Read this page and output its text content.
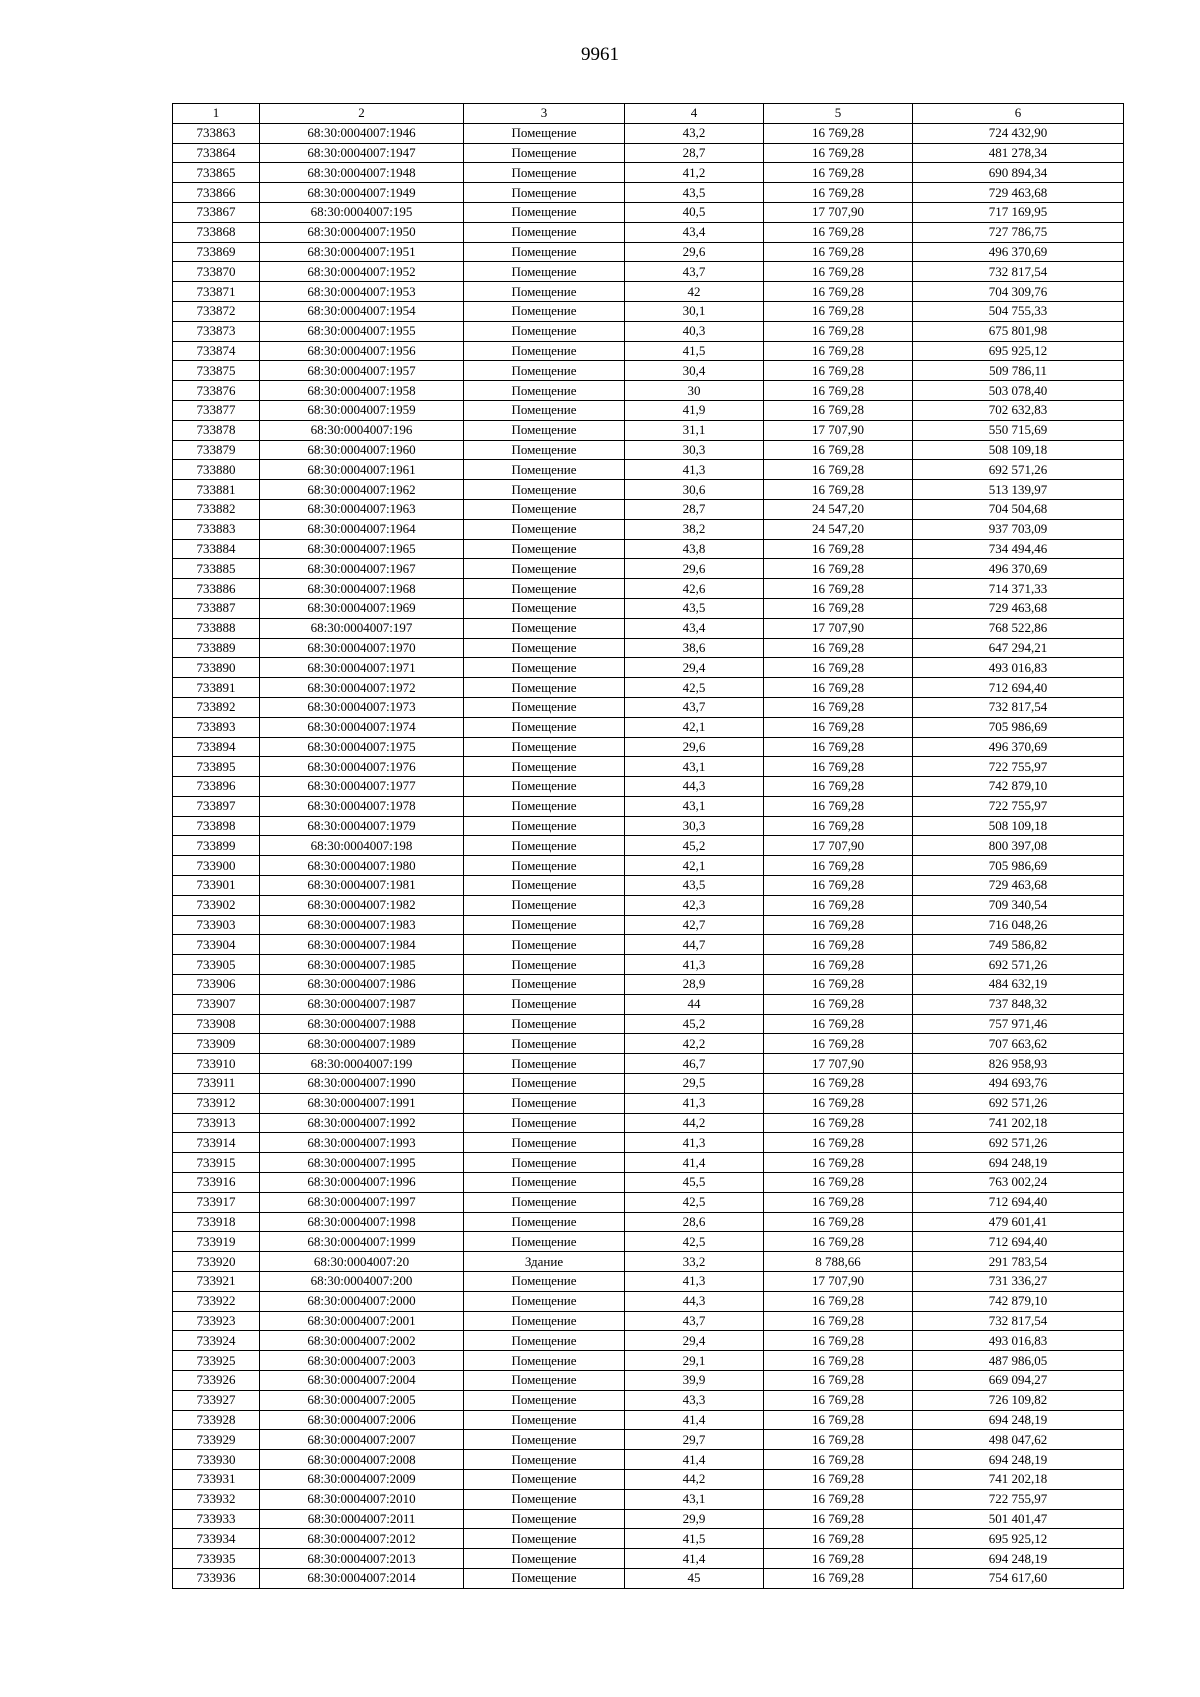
9961
1	2	3	4	5	6
733863	68:30:0004007:1946	Помещение	43,2	16 769,28	724 432,90
733864	68:30:0004007:1947	Помещение	28,7	16 769,28	481 278,34
733865	68:30:0004007:1948	Помещение	41,2	16 769,28	690 894,34
733866	68:30:0004007:1949	Помещение	43,5	16 769,28	729 463,68
733867	68:30:0004007:195	Помещение	40,5	17 707,90	717 169,95
733868	68:30:0004007:1950	Помещение	43,4	16 769,28	727 786,75
733869	68:30:0004007:1951	Помещение	29,6	16 769,28	496 370,69
733870	68:30:0004007:1952	Помещение	43,7	16 769,28	732 817,54
733871	68:30:0004007:1953	Помещение	42	16 769,28	704 309,76
733872	68:30:0004007:1954	Помещение	30,1	16 769,28	504 755,33
733873	68:30:0004007:1955	Помещение	40,3	16 769,28	675 801,98
733874	68:30:0004007:1956	Помещение	41,5	16 769,28	695 925,12
733875	68:30:0004007:1957	Помещение	30,4	16 769,28	509 786,11
733876	68:30:0004007:1958	Помещение	30	16 769,28	503 078,40
733877	68:30:0004007:1959	Помещение	41,9	16 769,28	702 632,83
733878	68:30:0004007:196	Помещение	31,1	17 707,90	550 715,69
733879	68:30:0004007:1960	Помещение	30,3	16 769,28	508 109,18
733880	68:30:0004007:1961	Помещение	41,3	16 769,28	692 571,26
733881	68:30:0004007:1962	Помещение	30,6	16 769,28	513 139,97
733882	68:30:0004007:1963	Помещение	28,7	24 547,20	704 504,68
733883	68:30:0004007:1964	Помещение	38,2	24 547,20	937 703,09
733884	68:30:0004007:1965	Помещение	43,8	16 769,28	734 494,46
733885	68:30:0004007:1967	Помещение	29,6	16 769,28	496 370,69
733886	68:30:0004007:1968	Помещение	42,6	16 769,28	714 371,33
733887	68:30:0004007:1969	Помещение	43,5	16 769,28	729 463,68
733888	68:30:0004007:197	Помещение	43,4	17 707,90	768 522,86
733889	68:30:0004007:1970	Помещение	38,6	16 769,28	647 294,21
733890	68:30:0004007:1971	Помещение	29,4	16 769,28	493 016,83
733891	68:30:0004007:1972	Помещение	42,5	16 769,28	712 694,40
733892	68:30:0004007:1973	Помещение	43,7	16 769,28	732 817,54
733893	68:30:0004007:1974	Помещение	42,1	16 769,28	705 986,69
733894	68:30:0004007:1975	Помещение	29,6	16 769,28	496 370,69
733895	68:30:0004007:1976	Помещение	43,1	16 769,28	722 755,97
733896	68:30:0004007:1977	Помещение	44,3	16 769,28	742 879,10
733897	68:30:0004007:1978	Помещение	43,1	16 769,28	722 755,97
733898	68:30:0004007:1979	Помещение	30,3	16 769,28	508 109,18
733899	68:30:0004007:198	Помещение	45,2	17 707,90	800 397,08
733900	68:30:0004007:1980	Помещение	42,1	16 769,28	705 986,69
733901	68:30:0004007:1981	Помещение	43,5	16 769,28	729 463,68
733902	68:30:0004007:1982	Помещение	42,3	16 769,28	709 340,54
733903	68:30:0004007:1983	Помещение	42,7	16 769,28	716 048,26
733904	68:30:0004007:1984	Помещение	44,7	16 769,28	749 586,82
733905	68:30:0004007:1985	Помещение	41,3	16 769,28	692 571,26
733906	68:30:0004007:1986	Помещение	28,9	16 769,28	484 632,19
733907	68:30:0004007:1987	Помещение	44	16 769,28	737 848,32
733908	68:30:0004007:1988	Помещение	45,2	16 769,28	757 971,46
733909	68:30:0004007:1989	Помещение	42,2	16 769,28	707 663,62
733910	68:30:0004007:199	Помещение	46,7	17 707,90	826 958,93
733911	68:30:0004007:1990	Помещение	29,5	16 769,28	494 693,76
733912	68:30:0004007:1991	Помещение	41,3	16 769,28	692 571,26
733913	68:30:0004007:1992	Помещение	44,2	16 769,28	741 202,18
733914	68:30:0004007:1993	Помещение	41,3	16 769,28	692 571,26
733915	68:30:0004007:1995	Помещение	41,4	16 769,28	694 248,19
733916	68:30:0004007:1996	Помещение	45,5	16 769,28	763 002,24
733917	68:30:0004007:1997	Помещение	42,5	16 769,28	712 694,40
733918	68:30:0004007:1998	Помещение	28,6	16 769,28	479 601,41
733919	68:30:0004007:1999	Помещение	42,5	16 769,28	712 694,40
733920	68:30:0004007:20	Здание	33,2	8 788,66	291 783,54
733921	68:30:0004007:200	Помещение	41,3	17 707,90	731 336,27
733922	68:30:0004007:2000	Помещение	44,3	16 769,28	742 879,10
733923	68:30:0004007:2001	Помещение	43,7	16 769,28	732 817,54
733924	68:30:0004007:2002	Помещение	29,4	16 769,28	493 016,83
733925	68:30:0004007:2003	Помещение	29,1	16 769,28	487 986,05
733926	68:30:0004007:2004	Помещение	39,9	16 769,28	669 094,27
733927	68:30:0004007:2005	Помещение	43,3	16 769,28	726 109,82
733928	68:30:0004007:2006	Помещение	41,4	16 769,28	694 248,19
733929	68:30:0004007:2007	Помещение	29,7	16 769,28	498 047,62
733930	68:30:0004007:2008	Помещение	41,4	16 769,28	694 248,19
733931	68:30:0004007:2009	Помещение	44,2	16 769,28	741 202,18
733932	68:30:0004007:2010	Помещение	43,1	16 769,28	722 755,97
733933	68:30:0004007:2011	Помещение	29,9	16 769,28	501 401,47
733934	68:30:0004007:2012	Помещение	41,5	16 769,28	695 925,12
733935	68:30:0004007:2013	Помещение	41,4	16 769,28	694 248,19
733936	68:30:0004007:2014	Помещение	45	16 769,28	754 617,60
